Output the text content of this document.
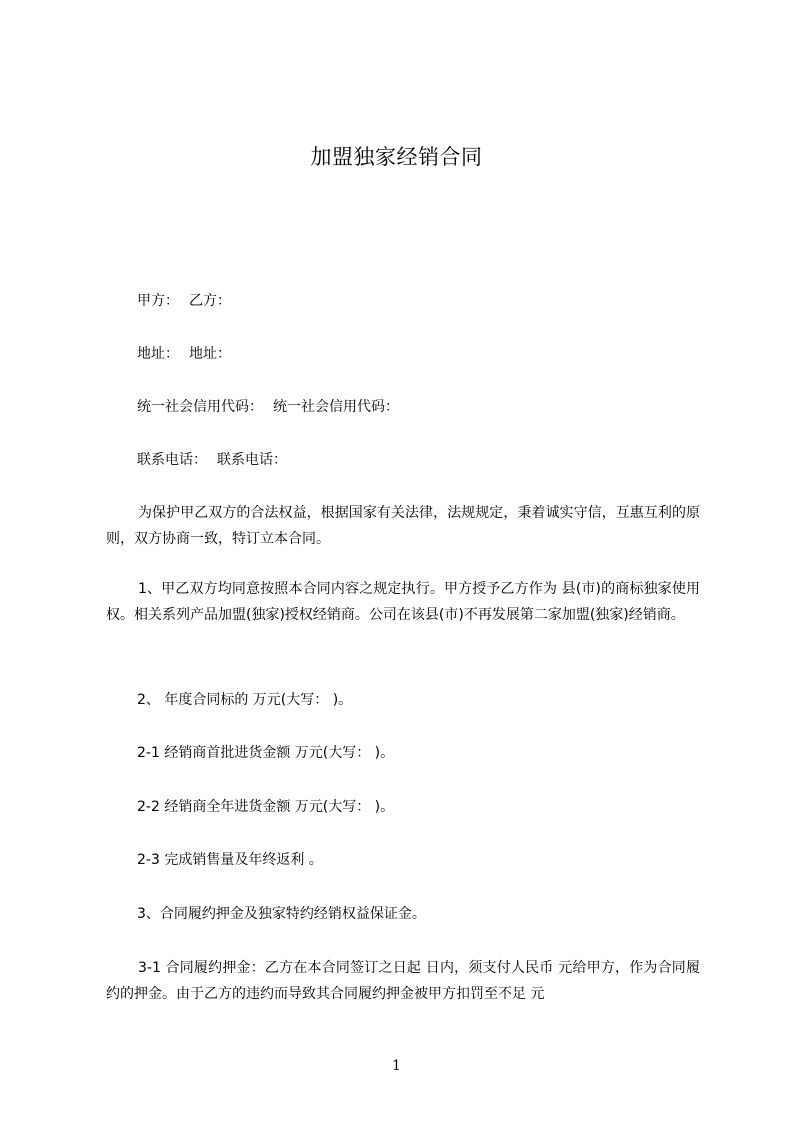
加盟独家经销合同
甲方： 乙方：
地址： 地址：
统一社会信用代码： 统一社会信用代码：
联系电话： 联系电话：
为保护甲乙双方的合法权益，根据国家有关法律，法规规定，秉着诚实守信，互惠互利的原则，双方协商一致，特订立本合同。
1、甲乙双方均同意按照本合同内容之规定执行。甲方授予乙方作为 县(市)的商标独家使用权。相关系列产品加盟(独家)授权经销商。公司在该县(市)不再发展第二家加盟(独家)经销商。
2、 年度合同标的 万元(大写： )。
2-1 经销商首批进货金额 万元(大写： )。
2-2 经销商全年进货金额 万元(大写： )。
2-3 完成销售量及年终返利 。
3、合同履约押金及独家特约经销权益保证金。
3-1 合同履约押金：乙方在本合同签订之日起 日内，须支付人民币 元给甲方，作为合同履约的押金。由于乙方的违约而导致其合同履约押金被甲方扣罚至不足 元
1
